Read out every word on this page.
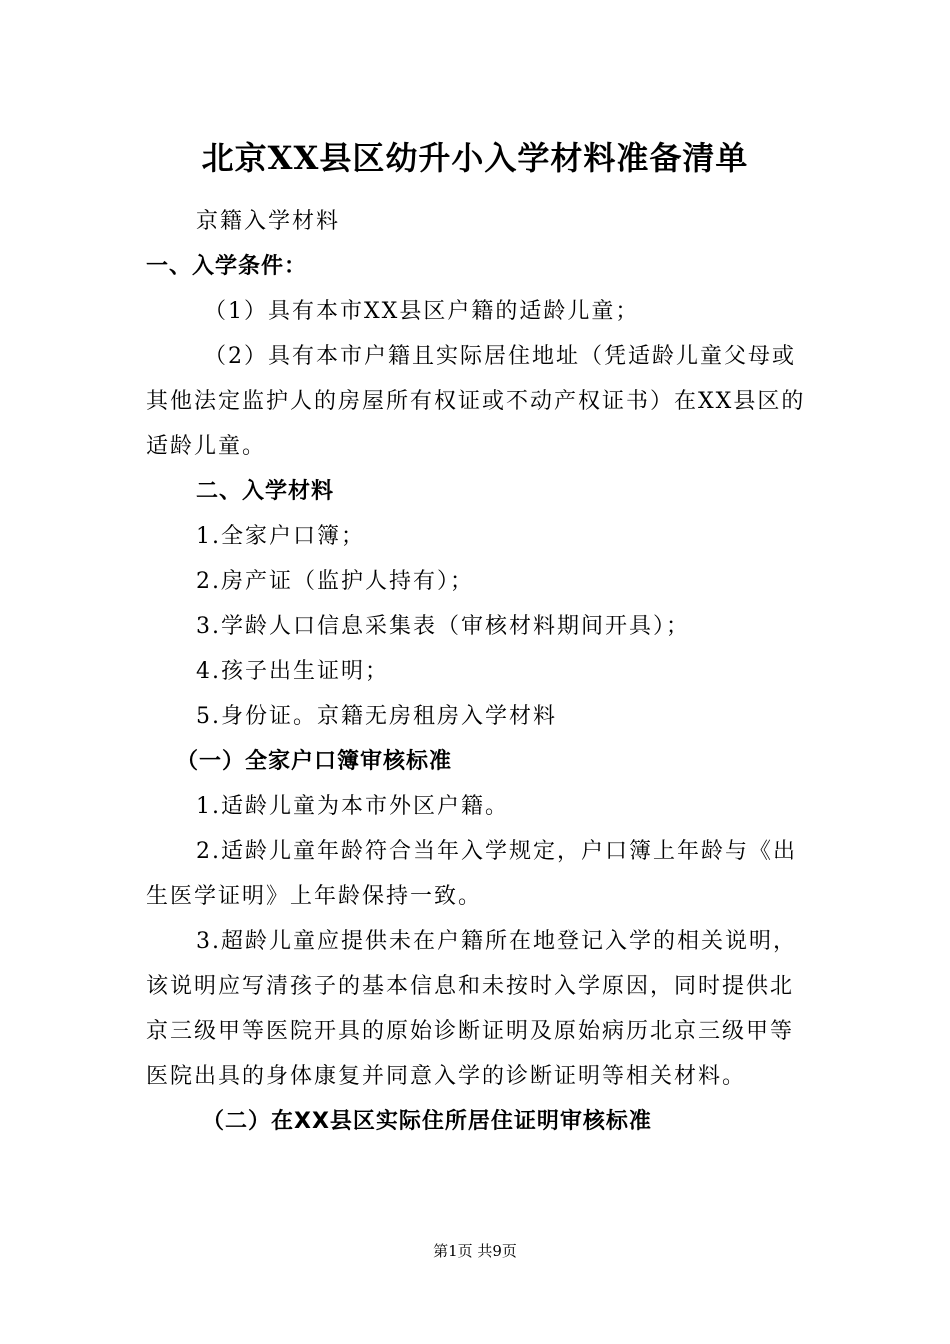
北京XX县区幼升小入学材料准备清单

京籍入学材料

一、入学条件：

（1）具有本市XX县区户籍的适龄儿童；

（2）具有本市户籍且实际居住地址（凭适龄儿童父母或其他法定监护人的房屋所有权证或不动产权证书）在XX县区的适龄儿童。

二、入学材料

1.全家户口簿；

2.房产证（监护人持有）；

3.学龄人口信息采集表（审核材料期间开具）；

4.孩子出生证明；

5.身份证。京籍无房租房入学材料

（一）全家户口簿审核标准

1.适龄儿童为本市外区户籍。

2.适龄儿童年龄符合当年入学规定，户口簿上年龄与《出生医学证明》上年龄保持一致。

3.超龄儿童应提供未在户籍所在地登记入学的相关说明，该说明应写清孩子的基本信息和未按时入学原因，同时提供北京三级甲等医院开具的原始诊断证明及原始病历北京三级甲等医院出具的身体康复并同意入学的诊断证明等相关材料。

（二）在XX县区实际住所居住证明审核标准

第1页 共9页
